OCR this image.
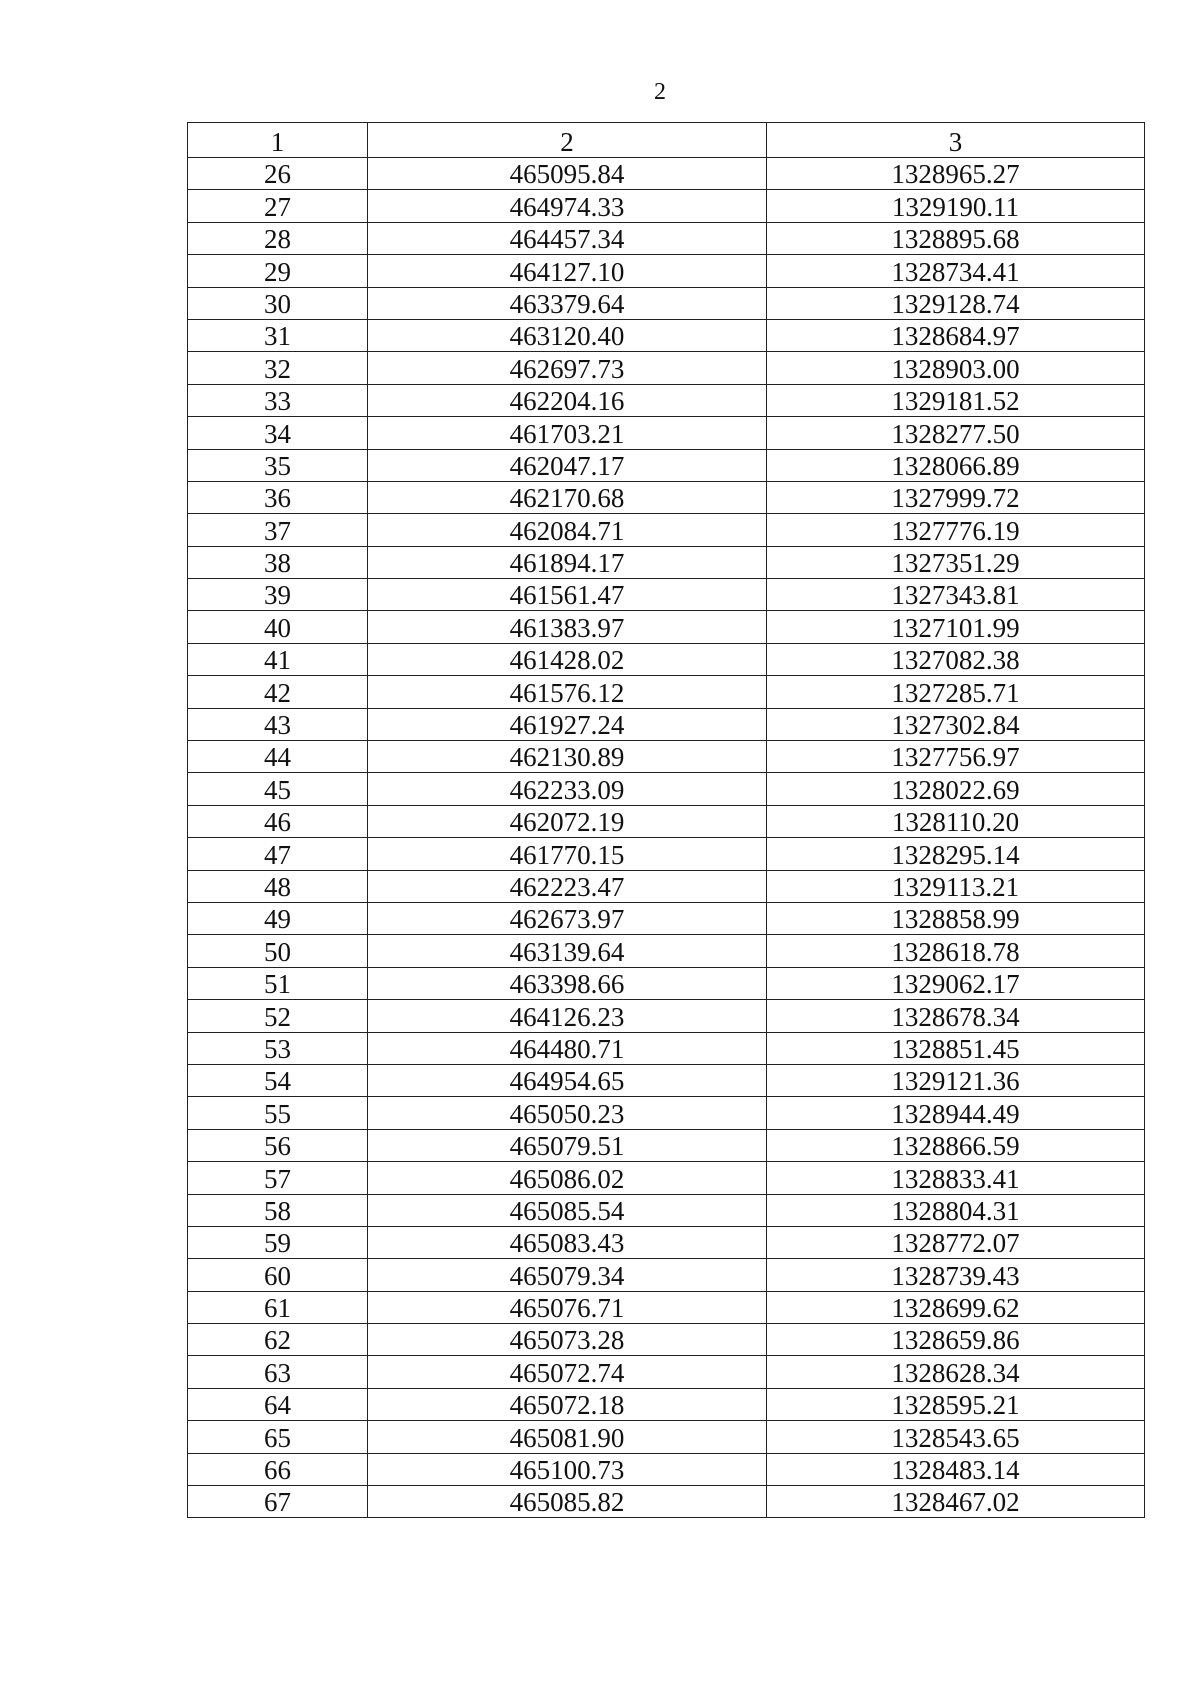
2
1	2	3
26	465095.84	1328965.27
27	464974.33	1329190.11
28	464457.34	1328895.68
29	464127.10	1328734.41
30	463379.64	1329128.74
31	463120.40	1328684.97
32	462697.73	1328903.00
33	462204.16	1329181.52
34	461703.21	1328277.50
35	462047.17	1328066.89
36	462170.68	1327999.72
37	462084.71	1327776.19
38	461894.17	1327351.29
39	461561.47	1327343.81
40	461383.97	1327101.99
41	461428.02	1327082.38
42	461576.12	1327285.71
43	461927.24	1327302.84
44	462130.89	1327756.97
45	462233.09	1328022.69
46	462072.19	1328110.20
47	461770.15	1328295.14
48	462223.47	1329113.21
49	462673.97	1328858.99
50	463139.64	1328618.78
51	463398.66	1329062.17
52	464126.23	1328678.34
53	464480.71	1328851.45
54	464954.65	1329121.36
55	465050.23	1328944.49
56	465079.51	1328866.59
57	465086.02	1328833.41
58	465085.54	1328804.31
59	465083.43	1328772.07
60	465079.34	1328739.43
61	465076.71	1328699.62
62	465073.28	1328659.86
63	465072.74	1328628.34
64	465072.18	1328595.21
65	465081.90	1328543.65
66	465100.73	1328483.14
67	465085.82	1328467.02
